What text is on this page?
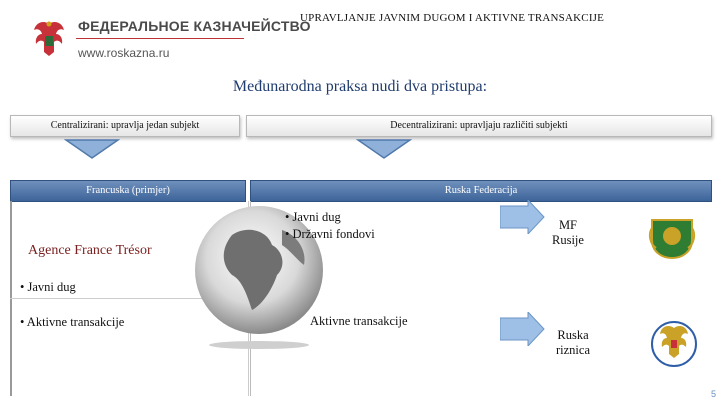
ФЕДЕРАЛЬНОЕ КАЗНАЧЕЙСТВО
www.roskazna.ru
UPRAVLJANJE JAVNIM DUGOM I AKTIVNE TRANSAKCIJE
Međunarodna praksa nudi dva pristupa:
Centralizirani: upravlja jedan subjekt	Decentralizirani: upravljaju različiti subjekti
Francuska (primjer)	Ruska Federacija
Agence France Trésor
• Javni dug
• Aktivne transakcije
• Javni dug
• Državni fondovi
Aktivne transakcije
MF
Rusije
Ruska
riznica
5
